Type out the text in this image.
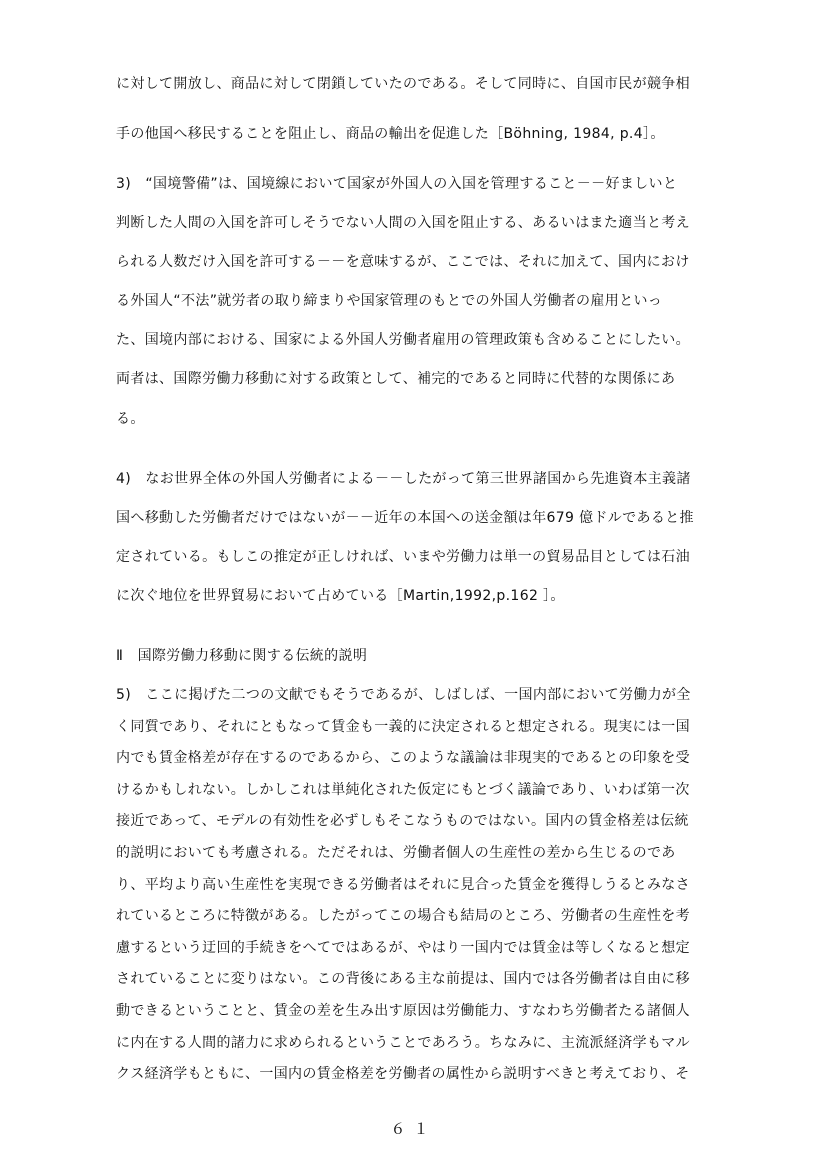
に対して開放し、商品に対して閉鎖していたのである。そして同時に、自国市民が競争相
手の他国へ移民することを阻止し、商品の輸出を促進した［Böhning, 1984, p.4］。
3)　“国境警備”は、国境線において国家が外国人の入国を管理すること－－好ましいと
判断した人間の入国を許可しそうでない人間の入国を阻止する、あるいはまた適当と考え
られる人数だけ入国を許可する－－を意味するが、ここでは、それに加えて、国内におけ
る外国人“不法”就労者の取り締まりや国家管理のもとでの外国人労働者の雇用といっ
た、国境内部における、国家による外国人労働者雇用の管理政策も含めることにしたい。
両者は、国際労働力移動に対する政策として、補完的であると同時に代替的な関係にあ
る。
4)　なお世界全体の外国人労働者による－－したがって第三世界諸国から先進資本主義諸
国へ移動した労働者だけではないが－－近年の本国への送金額は年679 億ドルであると推
定されている。もしこの推定が正しければ、いまや労働力は単一の貿易品目としては石油
に次ぐ地位を世界貿易において占めている［Martin,1992,p.162 ］。
Ⅱ　国際労働力移動に関する伝統的説明
5)　ここに掲げた二つの文献でもそうであるが、しばしば、一国内部において労働力が全
く同質であり、それにともなって賃金も一義的に決定されると想定される。現実には一国
内でも賃金格差が存在するのであるから、このような議論は非現実的であるとの印象を受
けるかもしれない。しかしこれは単純化された仮定にもとづく議論であり、いわば第一次
接近であって、モデルの有効性を必ずしもそこなうものではない。国内の賃金格差は伝統
的説明においても考慮される。ただそれは、労働者個人の生産性の差から生じるのであ
り、平均より高い生産性を実現できる労働者はそれに見合った賃金を獲得しうるとみなさ
れているところに特徴がある。したがってこの場合も結局のところ、労働者の生産性を考
慮するという迂回的手続きをへてではあるが、やはり一国内では賃金は等しくなると想定
されていることに変りはない。この背後にある主な前提は、国内では各労働者は自由に移
動できるということと、賃金の差を生み出す原因は労働能力、すなわち労働者たる諸個人
に内在する人間的諸力に求められるということであろう。ちなみに、主流派経済学もマル
クス経済学もともに、一国内の賃金格差を労働者の属性から説明すべきと考えており、そ
６１
